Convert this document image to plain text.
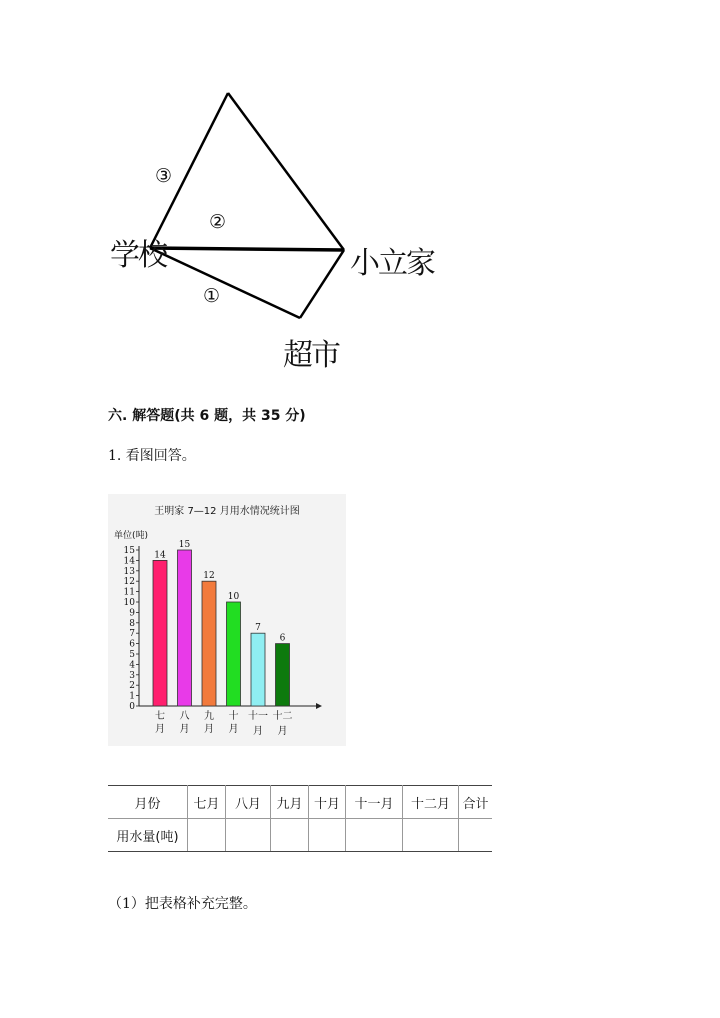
学校	小立家
超市
③
②
①
六. 解答题(共 6 题，共 35 分)
1. 看图回答。
王明家 7—12 月用水情况统计图
单位(吨)
0
1
2
3
4
5
6
7
8
9
10
11
12
13
14
15 14
七
月
15
八
月
12
九
月
10
十
月
7
十一
月
6
十二
月
月份	七月	八月	九月	十月	十一月	十二月	合计
用水量(吨)							
（1）把表格补充完整。
